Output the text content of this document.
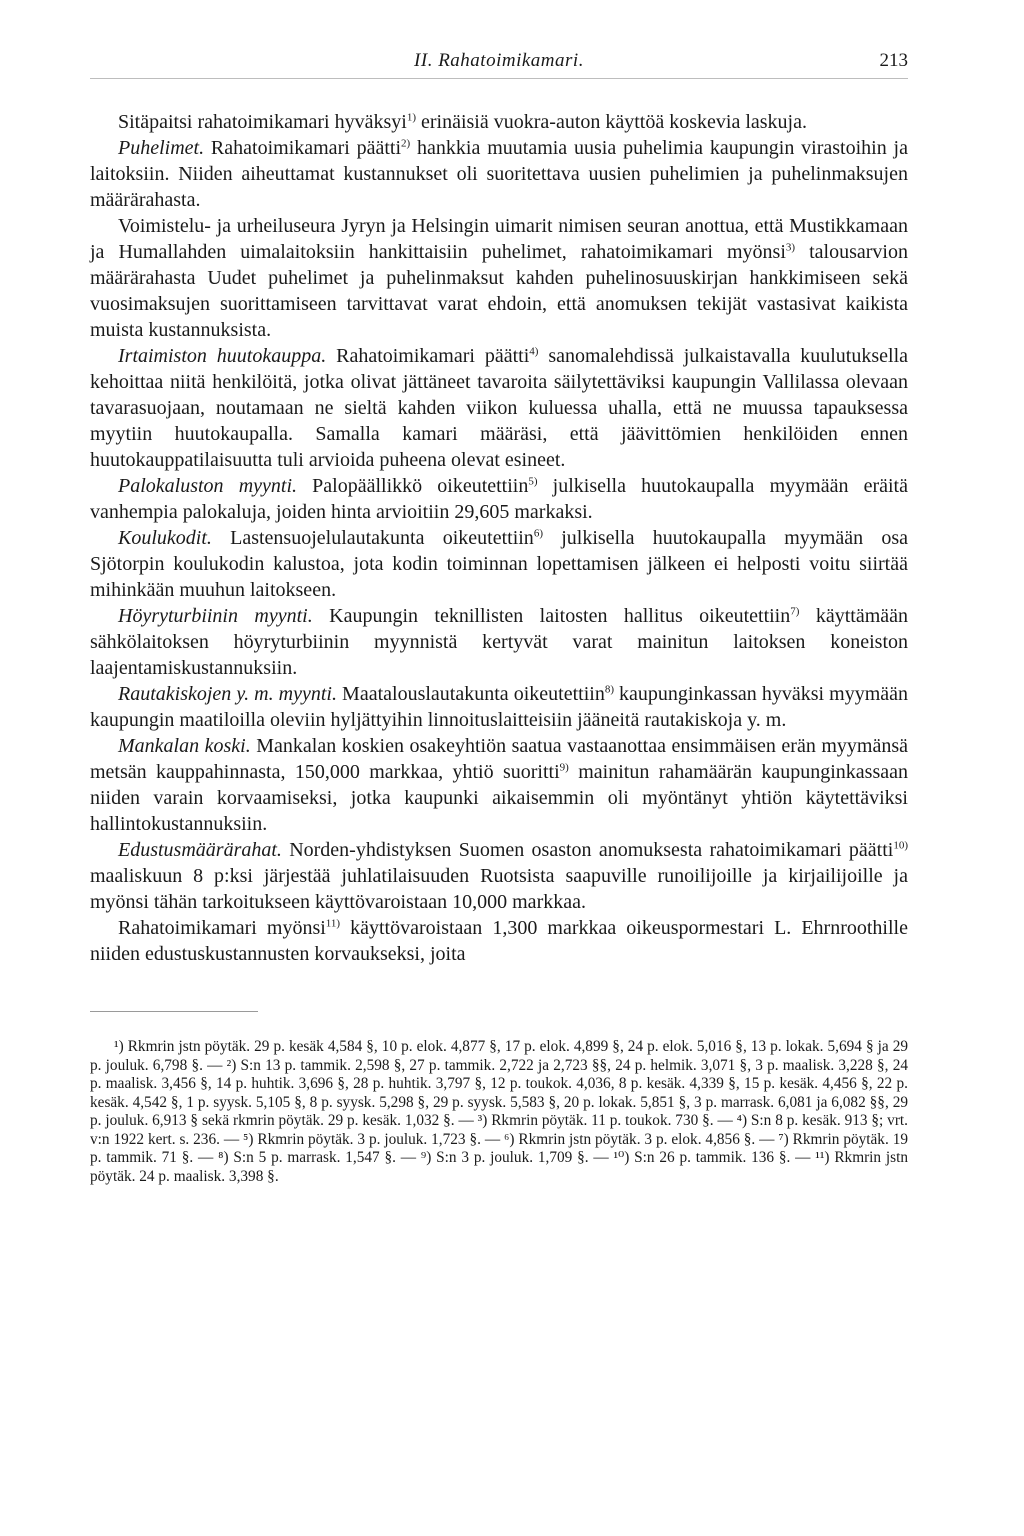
II. Rahatoimikamari.	213

Sitäpaitsi rahatoimikamari hyväksyi$^{1)}$ erinäisiä vuokra-auton käyttöä koskevia laskuja.

Puhelimet. Rahatoimikamari päätti$^{2)}$ hankkia muutamia uusia puhelimia kaupungin virastoihin ja laitoksiin. Niiden aiheuttamat kustannukset oli suoritettava uusien puhelimien ja puhelinmaksujen määrärahasta.

Voimistelu- ja urheiluseura Jyryn ja Helsingin uimarit nimisen seuran anottua, että Mustikkamaan ja Humallahden uimalaitoksiin hankittaisiin puhelimet, rahatoimikamari myönsi$^{3)}$ talousarvion määrärahasta Uudet puhelimet ja puhelinmaksut kahden puhelinosuuskirjan hankkimiseen sekä vuosimaksujen suorittamiseen tarvittavat varat ehdoin, että anomuksen tekijät vastasivat kaikista muista kustannuksista.

Irtaimiston huutokauppa. Rahatoimikamari päätti$^{4)}$ sanomalehdissä julkaistavalla kuulutuksella kehoittaa niitä henkilöitä, jotka olivat jättäneet tavaroita säilytettäviksi kaupungin Vallilassa olevaan tavarasuojaan, noutamaan ne sieltä kahden viikon kuluessa uhalla, että ne muussa tapauksessa myytiin huutokaupalla. Samalla kamari määräsi, että jäävittömien henkilöiden ennen huutokauppatilaisuutta tuli arvioida puheena olevat esineet.

Palokaluston myynti. Palopäällikkö oikeutettiin$^{5)}$ julkisella huutokaupalla myymään eräitä vanhempia palokaluja, joiden hinta arvioitiin 29,605 markaksi.

Koulukodit. Lastensuojelulautakunta oikeutettiin$^{6)}$ julkisella huutokaupalla myymään osa Sjötorpin koulukodin kalustoa, jota kodin toiminnan lopettamisen jälkeen ei helposti voitu siirtää mihinkään muuhun laitokseen.

Höyryturbiinin myynti. Kaupungin teknillisten laitosten hallitus oikeutettiin$^{7)}$ käyttämään sähkölaitoksen höyryturbiinin myynnistä kertyvät varat mainitun laitoksen koneiston laajentamiskustannuksiin.

Rautakiskojen y. m. myynti. Maatalouslautakunta oikeutettiin$^{8)}$ kaupunginkassan hyväksi myymään kaupungin maatiloilla oleviin hyljättyihin linnoituslaitteisiin jääneitä rautakiskoja y. m.

Mankalan koski. Mankalan koskien osakeyhtiön saatua vastaanottaa ensimmäisen erän myymänsä metsän kauppahinnasta, 150,000 markkaa, yhtiö suoritti$^{9)}$ mainitun rahamäärän kaupunginkassaan niiden varain korvaamiseksi, jotka kaupunki aikaisemmin oli myöntänyt yhtiön käytettäviksi hallintokustannuksiin.

Edustusmäärärahat. Norden-yhdistyksen Suomen osaston anomuksesta rahatoimikamari päätti$^{10)}$ maaliskuun 8 p:ksi järjestää juhlatilaisuuden Ruotsista saapuville runoilijoille ja kirjailijoille ja myönsi tähän tarkoitukseen käyttövaroistaan 10,000 markkaa.

Rahatoimikamari myönsi$^{11)}$ käyttövaroistaan 1,300 markkaa oikeuspormestari L. Ehrnroothille niiden edustuskustannusten korvaukseksi, joita

¹) Rkmrin jstn pöytäk. 29 p. kesäk 4,584 §, 10 p. elok. 4,877 §, 17 p. elok. 4,899 §, 24 p. elok. 5,016 §, 13 p. lokak. 5,694 § ja 29 p. jouluk. 6,798 §. — ²) S:n 13 p. tammik. 2,598 §, 27 p. tammik. 2,722 ja 2,723 §§, 24 p. helmik. 3,071 §, 3 p. maalisk. 3,228 §, 24 p. maalisk. 3,456 §, 14 p. huhtik. 3,696 §, 28 p. huhtik. 3,797 §, 12 p. toukok. 4,036, 8 p. kesäk. 4,339 §, 15 p. kesäk. 4,456 §, 22 p. kesäk. 4,542 §, 1 p. syysk. 5,105 §, 8 p. syysk. 5,298 §, 29 p. syysk. 5,583 §, 20 p. lokak. 5,851 §, 3 p. marrask. 6,081 ja 6,082 §§, 29 p. jouluk. 6,913 § sekä rkmrin pöytäk. 29 p. kesäk. 1,032 §. — ³) Rkmrin pöytäk. 11 p. toukok. 730 §. — ⁴) S:n 8 p. kesäk. 913 §; vrt. v:n 1922 kert. s. 236. — ⁵) Rkmrin pöytäk. 3 p. jouluk. 1,723 §. — ⁶) Rkmrin jstn pöytäk. 3 p. elok. 4,856 §. — ⁷) Rkmrin pöytäk. 19 p. tammik. 71 §. — ⁸) S:n 5 p. marrask. 1,547 §. — ⁹) S:n 3 p. jouluk. 1,709 §. — ¹⁰) S:n 26 p. tammik. 136 §. — ¹¹) Rkmrin jstn pöytäk. 24 p. maalisk. 3,398 §.
